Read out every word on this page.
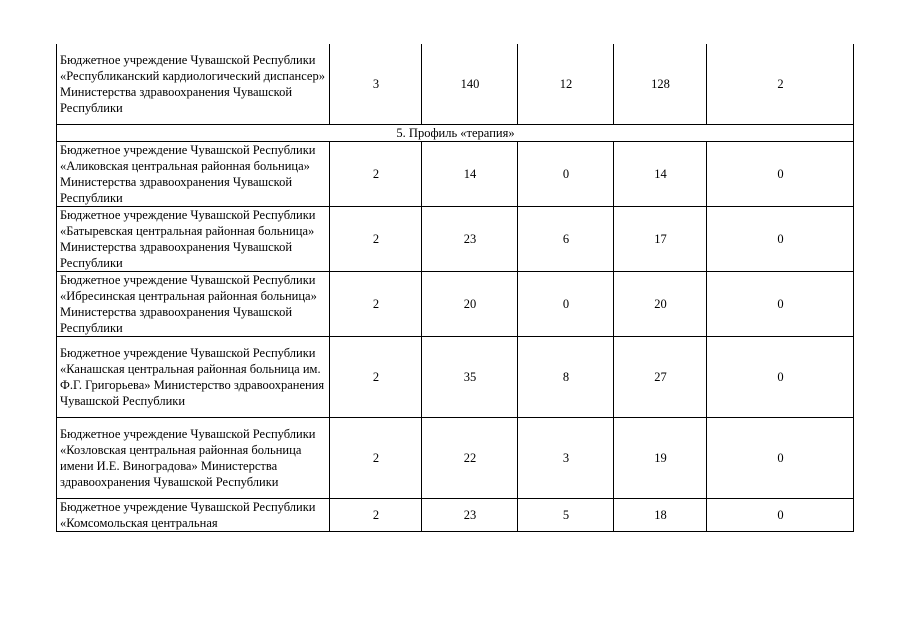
Бюджетное учреждение Чувашской Республики «Республиканский кардиологический диспансер» Министерства здравоохранения Чувашской Республики	3	140	12	128	2
5. Профиль «терапия»					
Бюджетное учреждение Чувашской Республики «Аликовская центральная районная больница» Министерства здравоохранения Чувашской Республики	2	14	0	14	0
Бюджетное учреждение Чувашской Республики «Батыревская центральная районная больница» Министерства здравоохранения Чувашской Республики	2	23	6	17	0
Бюджетное учреждение Чувашской Республики «Ибресинская центральная районная больница» Министерства здравоохранения Чувашской Республики	2	20	0	20	0
Бюджетное учреждение Чувашской Республики «Канашская центральная районная больница им. Ф.Г. Григорьева» Министерство здравоохранения Чувашской Республики	2	35	8	27	0
Бюджетное учреждение Чувашской Республики «Козловская центральная районная больница имени И.Е. Виноградова» Министерства здравоохранения Чувашской Республики	2	22	3	19	0
Бюджетное учреждение Чувашской Республики «Комсомольская центральная	2	23	5	18	0
